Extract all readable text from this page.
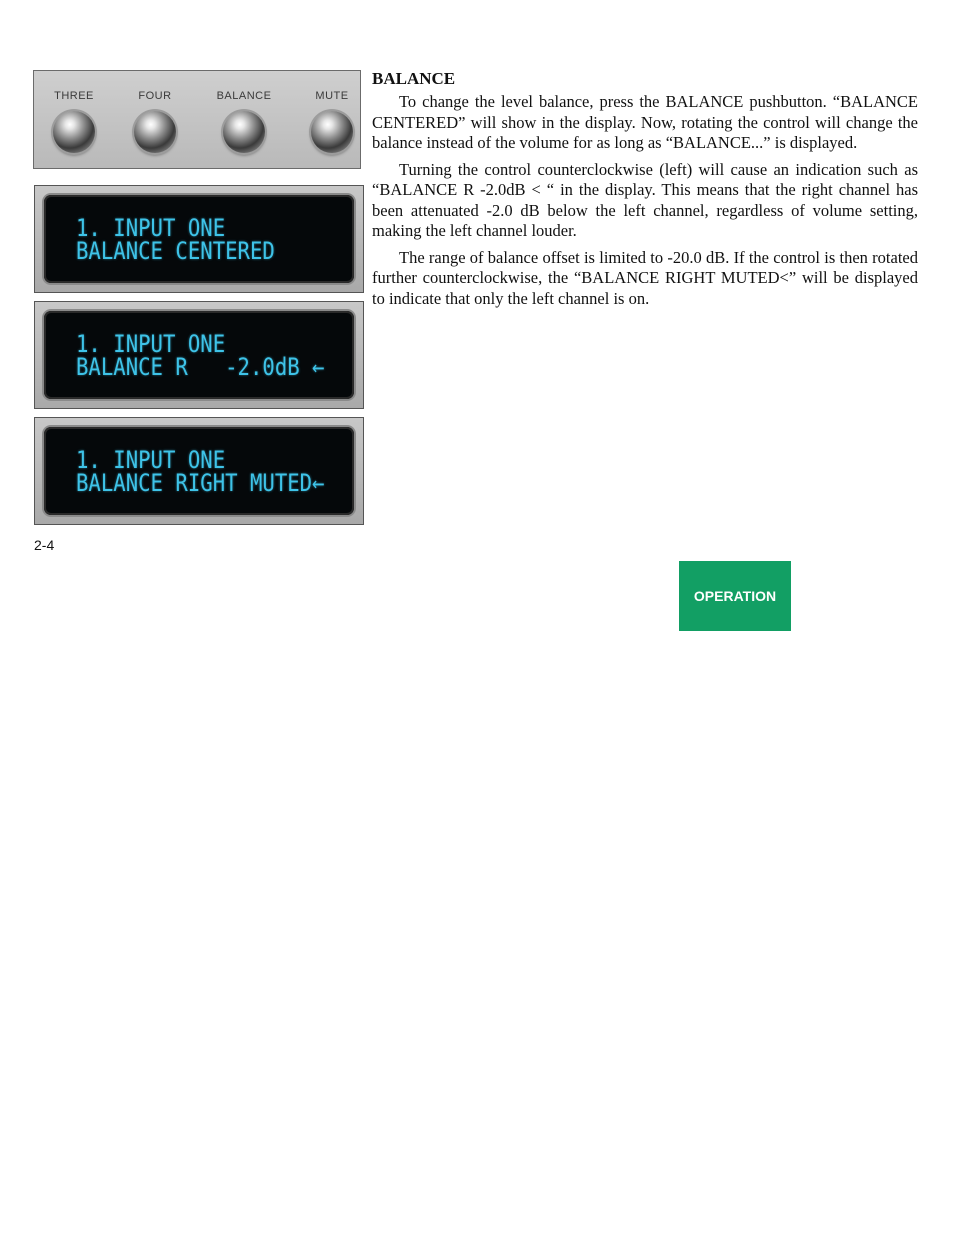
THREE	FOUR	BALANCE	MUTE
1. INPUT ONE
BALANCE CENTERED
1. INPUT ONE
BALANCE R   -2.0dB ←
1. INPUT ONE
BALANCE RIGHT MUTED←
BALANCE

To change the level balance, press the BALANCE pushbutton. “BALANCE CENTERED” will show in the display. Now, rotating the control will change the balance instead of the volume for as long as “BALANCE...” is displayed.

Turning the control counterclockwise (left) will cause an indication such as “BALANCE R -2.0dB < “ in the display. This means that the right channel has been attenuated -2.0 dB below the left channel, regardless of volume setting, making the left channel louder.

The range of balance offset is limited to -20.0 dB. If the control is then rotated further counterclockwise, the “BALANCE RIGHT MUTED<” will be displayed to indicate that only the left channel is on.

2-4
OPERATION
